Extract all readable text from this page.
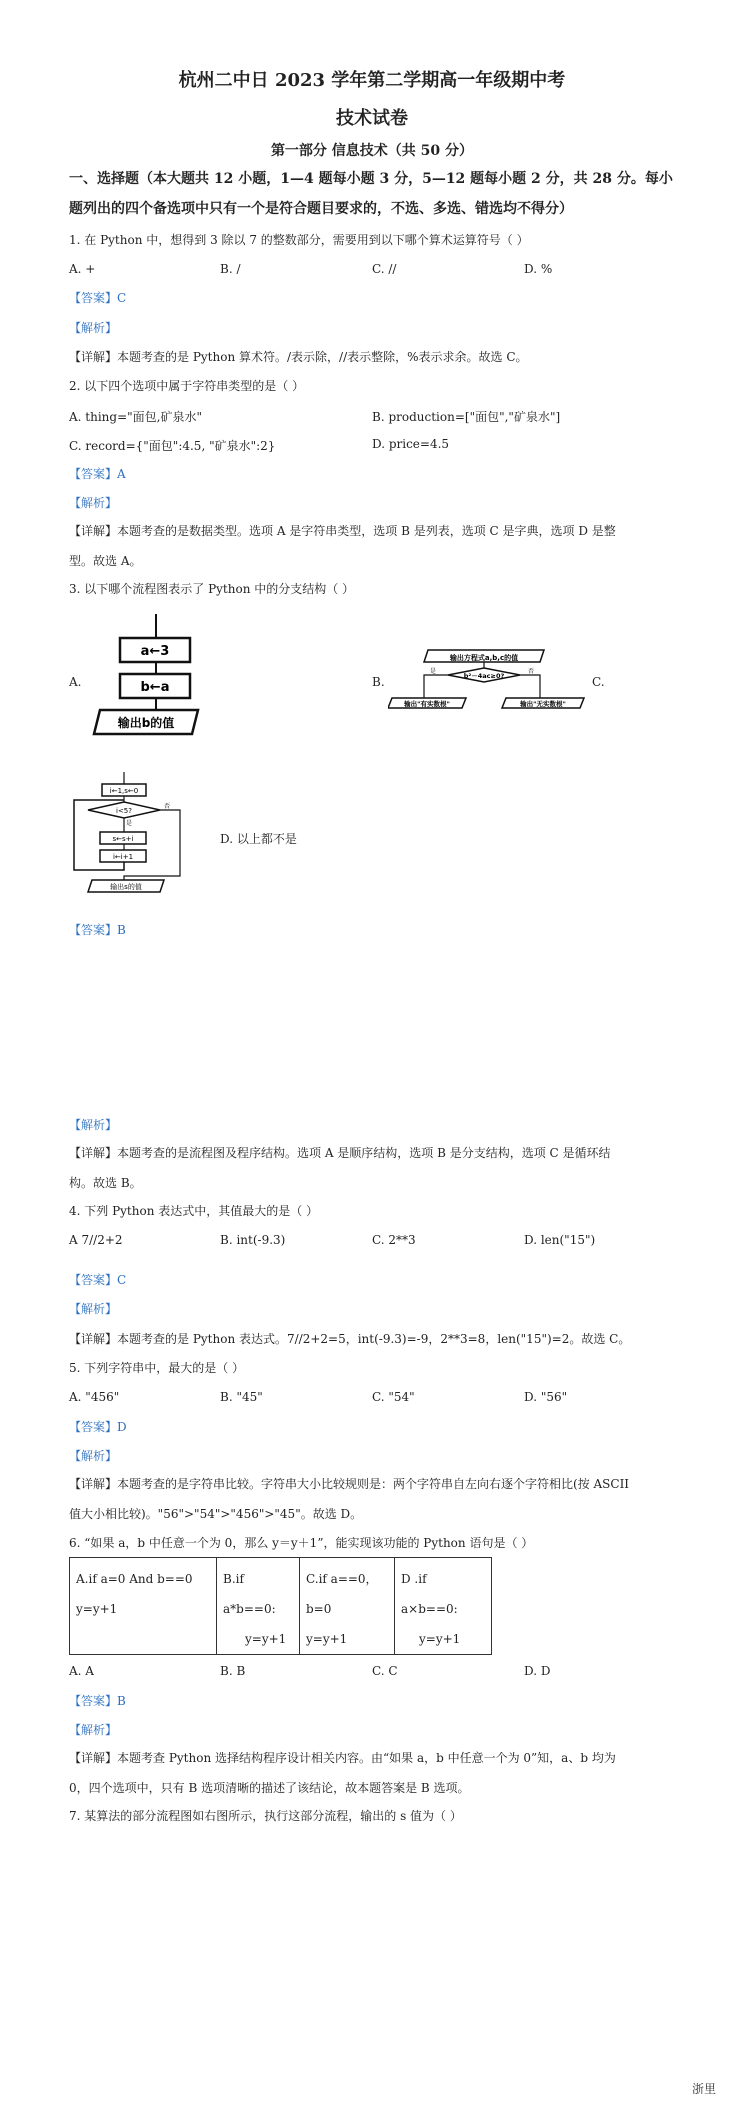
杭州二中日 2023 学年第二学期高一年级期中考
技术试卷
第一部分 信息技术（共 50 分）
一、选择题（本大题共 12 小题，1—4 题每小题 3 分，5—12 题每小题 2 分，共 28 分。每小
题列出的四个备选项中只有一个是符合题目要求的，不选、多选、错选均不得分）
1. 在 Python 中，想得到 3 除以 7 的整数部分，需要用到以下哪个算术运算符号（ ）
A. +	B. /	C. //	D. %
【答案】C
【解析】
【详解】本题考查的是 Python 算术符。/表示除，//表示整除，%表示求余。故选 C。
2. 以下四个选项中属于字符串类型的是（ ）
A. thing="面包,矿泉水"	B. production=["面包","矿泉水"]
C. record={"面包":4.5, "矿泉水":2}	D. price=4.5
【答案】A
【解析】
【详解】本题考查的是数据类型。选项 A 是字符串类型，选项 B 是列表，选项 C 是字典，选项 D 是整
型。故选 A。
3. 以下哪个流程图表示了 Python 中的分支结构（ ）
A.	B.	C.
a←3
b←a
输出b的值
输出方程式a,b,c的值
b²－4ac≥0?
是	否
输出"有实数根"	输出"无实数根"
i←1,s←0
i<5?
是
否
s←s+i
i←i+1
输出s的值
D. 以上都不是
【答案】B
【解析】
【详解】本题考查的是流程图及程序结构。选项 A 是顺序结构，选项 B 是分支结构，选项 C 是循环结
构。故选 B。
4. 下列 Python 表达式中，其值最大的是（ ）
A 7//2+2	B. int(-9.3)	C. 2**3	D. len("15")
【答案】C
【解析】
【详解】本题考查的是 Python 表达式。7//2+2=5，int(-9.3)=-9，2**3=8，len("15")=2。故选 C。
5. 下列字符串中，最大的是（ ）
A. "456"	B. "45"	C. "54"	D. "56"
【答案】D
【解析】
【详解】本题考查的是字符串比较。字符串大小比较规则是：两个字符串自左向右逐个字符相比(按 ASCII
值大小相比较)。"56">"54">"456">"45"。故选 D。
6. “如果 a，b 中任意一个为 0，那么 y＝y＋1”，能实现该功能的 Python 语句是（ ）
A.if a=0 And b==0
y=y+1

B.if a*b==0:
y=y+1

C.if a==0，b=0
y=y+1

D .if a×b==0:
y=y+1
A. A	B. B	C. C	D. D
【答案】B
【解析】
【详解】本题考查 Python 选择结构程序设计相关内容。由“如果 a，b 中任意一个为 0”知，a、b 均为
0，四个选项中，只有 B 选项清晰的描述了该结论，故本题答案是 B 选项。
7. 某算法的部分流程图如右图所示，执行这部分流程，输出的 s 值为（ ）
浙里
